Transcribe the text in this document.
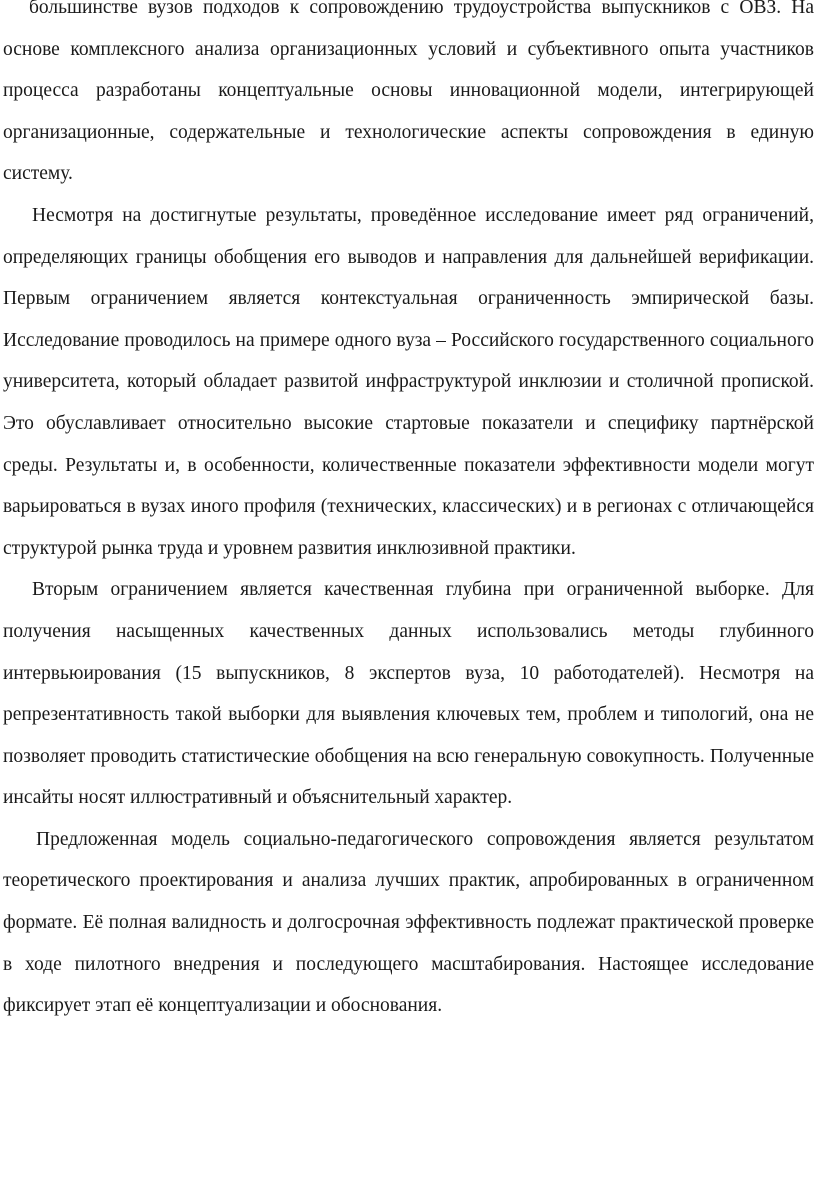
большинстве вузов подходов к сопровождению трудоустройства выпускников с ОВЗ. На основе комплексного анализа организационных условий и субъективного опыта участников процесса разработаны концептуальные основы инновационной модели, интегрирующей организационные, содержательные и технологические аспекты сопровождения в единую систему.

Несмотря на достигнутые результаты, проведённое исследование имеет ряд ограничений, определяющих границы обобщения его выводов и направления для дальнейшей верификации. Первым ограничением является контекстуальная ограниченность эмпирической базы. Исследование проводилось на примере одного вуза – Российского государственного социального университета, который обладает развитой инфраструктурой инклюзии и столичной пропиской. Это обуславливает относительно высокие стартовые показатели и специфику партнёрской среды. Результаты и, в особенности, количественные показатели эффективности модели могут варьироваться в вузах иного профиля (технических, классических) и в регионах с отличающейся структурой рынка труда и уровнем развития инклюзивной практики.

Вторым ограничением является качественная глубина при ограниченной выборке. Для получения насыщенных качественных данных использовались методы глубинного интервьюирования (15 выпускников, 8 экспертов вуза, 10 работодателей). Несмотря на репрезентативность такой выборки для выявления ключевых тем, проблем и типологий, она не позволяет проводить статистические обобщения на всю генеральную совокупность. Полученные инсайты носят иллюстративный и объяснительный характер.

Предложенная модель социально-педагогического сопровождения является результатом теоретического проектирования и анализа лучших практик, апробированных в ограниченном формате. Её полная валидность и долгосрочная эффективность подлежат практической проверке в ходе пилотного внедрения и последующего масштабирования. Настоящее исследование фиксирует этап её концептуализации и обоснования.
